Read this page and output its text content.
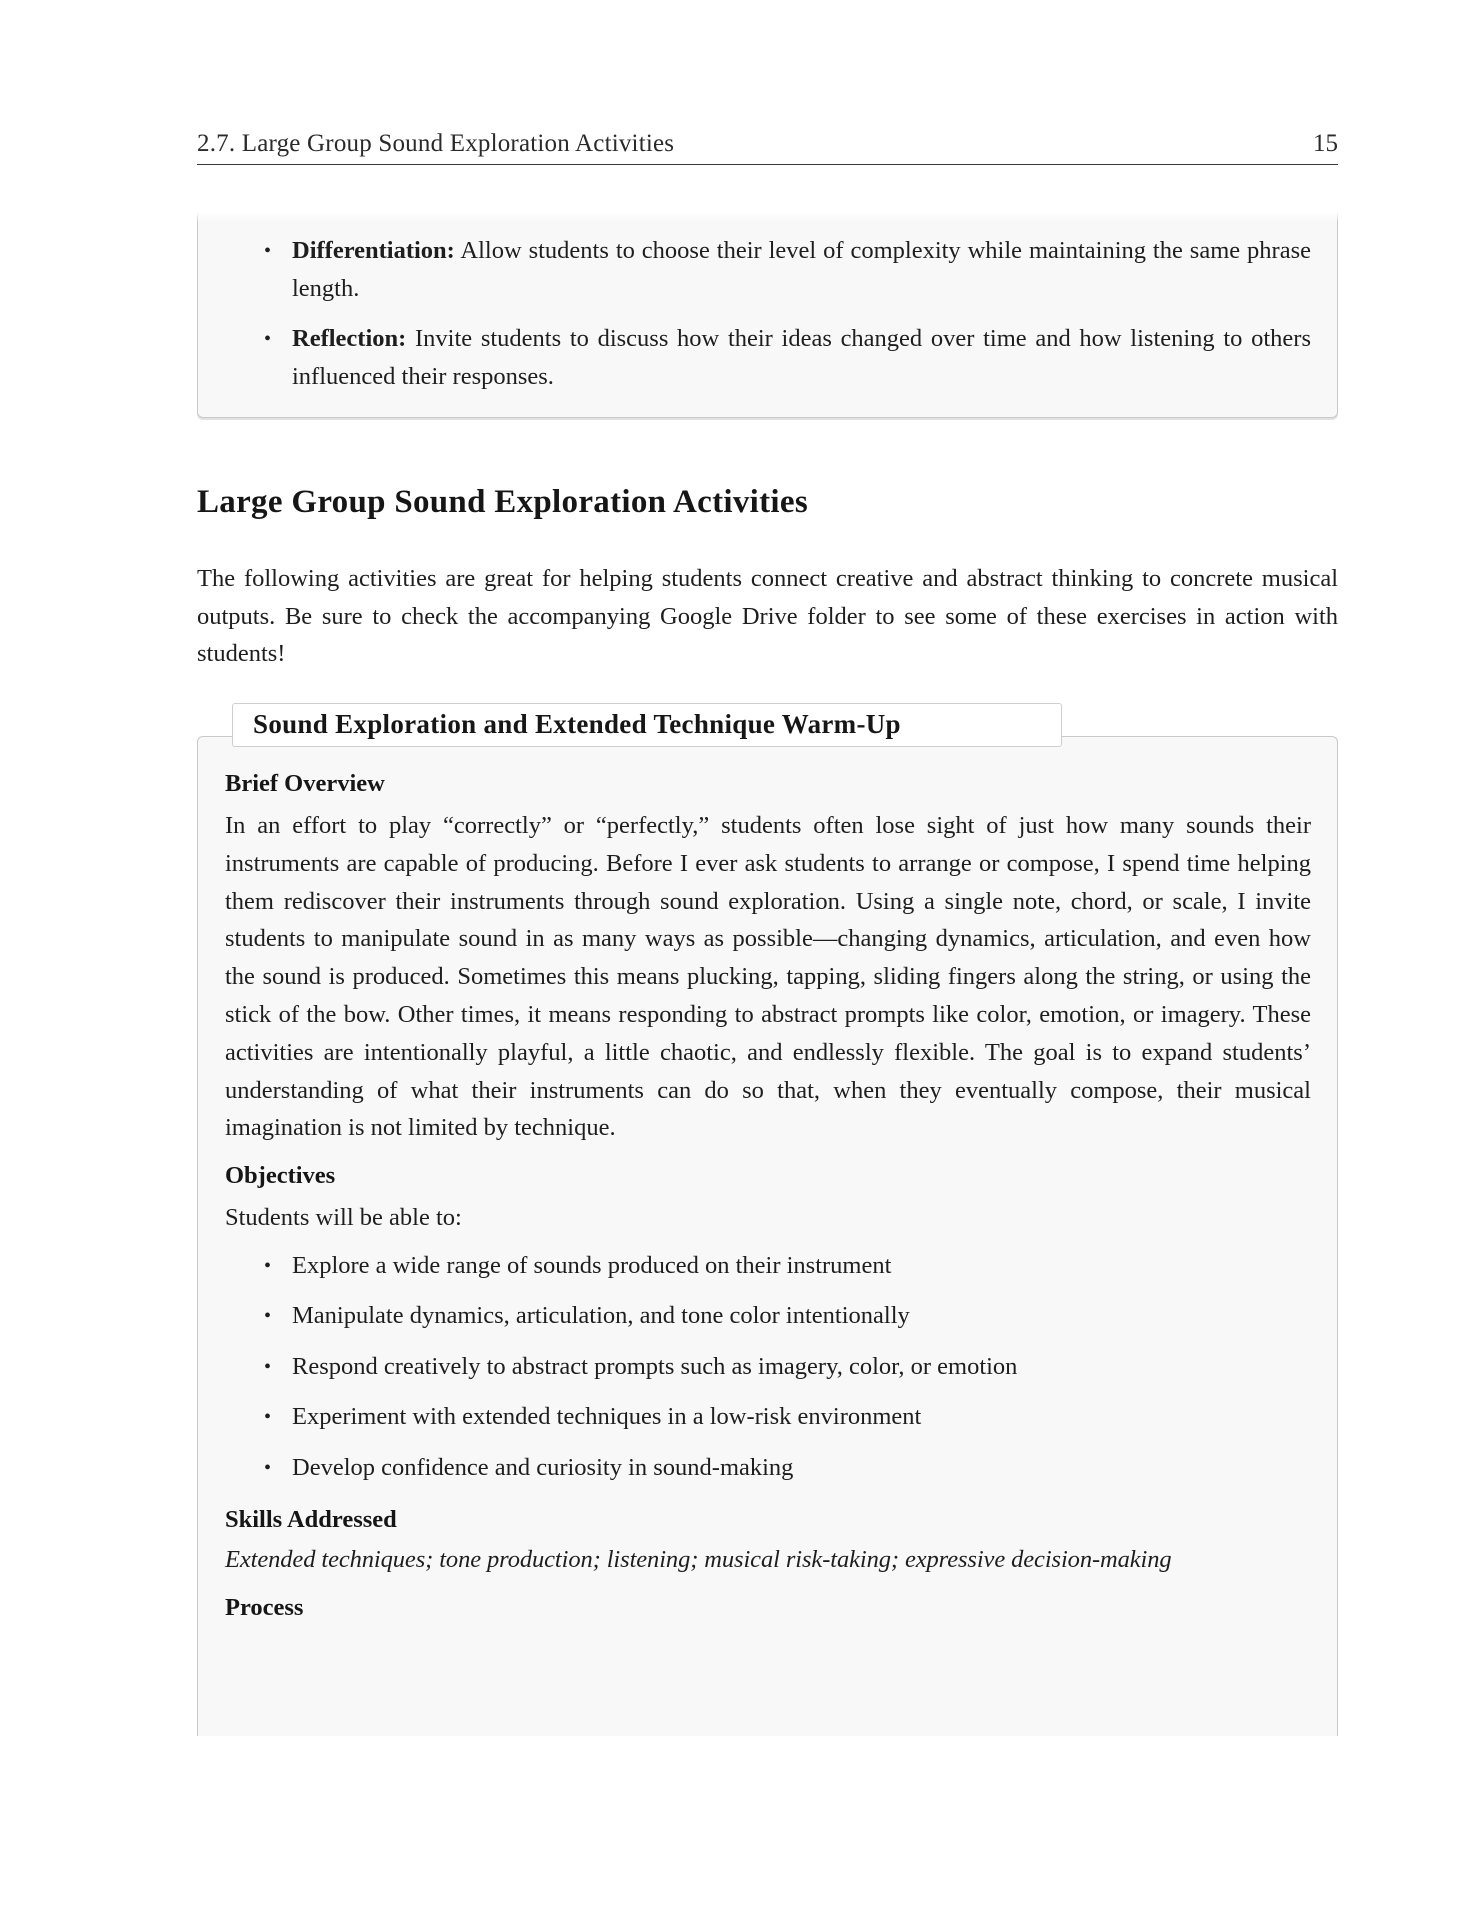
2.7. Large Group Sound Exploration Activities	15
• Differentiation: Allow students to choose their level of complexity while maintaining the same phrase length.
• Reflection: Invite students to discuss how their ideas changed over time and how listening to others influenced their responses.
Large Group Sound Exploration Activities

The following activities are great for helping students connect creative and abstract thinking to concrete musical outputs. Be sure to check the accompanying Google Drive folder to see some of these exercises in action with students!

Sound Exploration and Extended Technique Warm-Up
Brief Overview

In an effort to play “correctly” or “perfectly,” students often lose sight of just how many sounds their instruments are capable of producing. Before I ever ask students to arrange or compose, I spend time helping them rediscover their instruments through sound exploration. Using a single note, chord, or scale, I invite students to manipulate sound in as many ways as possible—changing dynamics, articulation, and even how the sound is produced. Sometimes this means plucking, tapping, sliding fingers along the string, or using the stick of the bow. Other times, it means responding to abstract prompts like color, emotion, or imagery. These activities are intentionally playful, a little chaotic, and endlessly flexible. The goal is to expand students’ understanding of what their instruments can do so that, when they eventually compose, their musical imagination is not limited by technique.

Objectives

Students will be able to:

• Explore a wide range of sounds produced on their instrument
• Manipulate dynamics, articulation, and tone color intentionally
• Respond creatively to abstract prompts such as imagery, color, or emotion
• Experiment with extended techniques in a low-risk environment
• Develop confidence and curiosity in sound-making
Skills Addressed

Extended techniques; tone production; listening; musical risk-taking; expressive decision-making

Process
